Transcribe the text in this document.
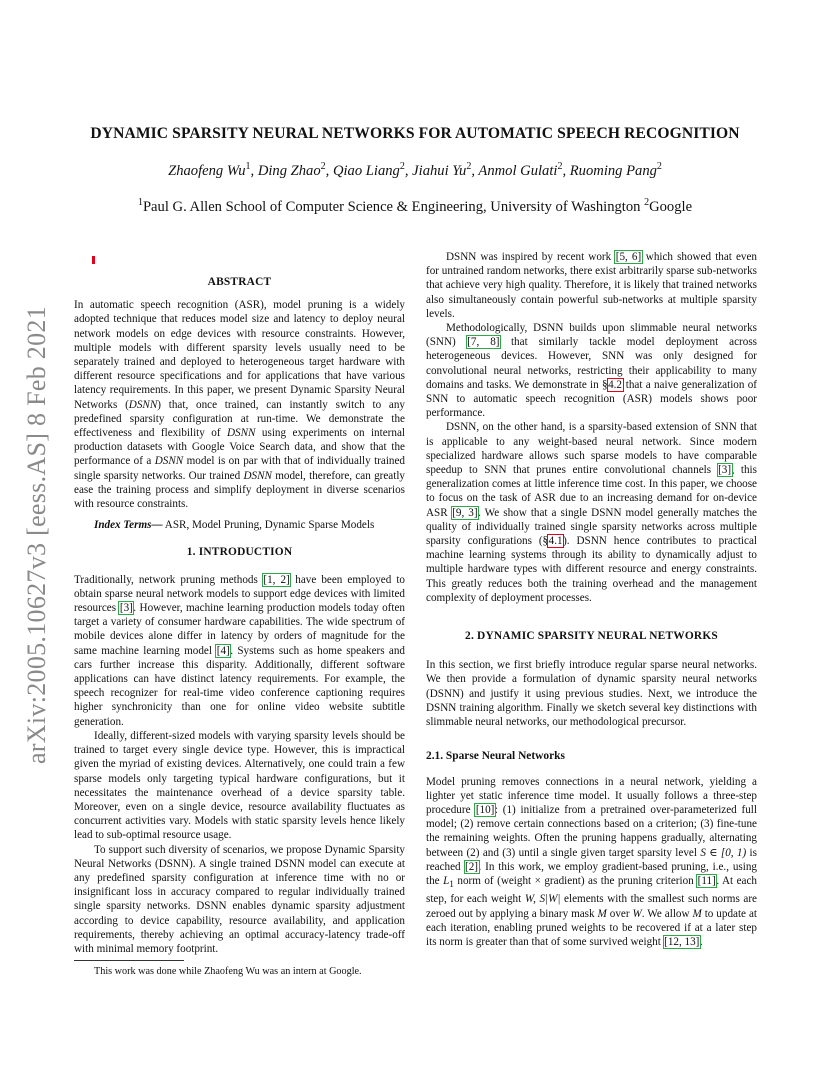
arXiv:2005.10627v3 [eess.AS] 8 Feb 2021
DYNAMIC SPARSITY NEURAL NETWORKS FOR AUTOMATIC SPEECH RECOGNITION
Zhaofeng Wu$^1$, Ding Zhao$^2$, Qiao Liang$^2$, Jiahui Yu$^2$, Anmol Gulati$^2$, Ruoming Pang$^2$
$^1$Paul G. Allen School of Computer Science & Engineering, University of Washington $^2$Google
ABSTRACT

In automatic speech recognition (ASR), model pruning is a widely adopted technique that reduces model size and latency to deploy neural network models on edge devices with resource constraints. However, multiple models with different sparsity levels usually need to be separately trained and deployed to heterogeneous target hardware with different resource specifications and for applications that have various latency requirements. In this paper, we present Dynamic Sparsity Neural Networks (DSNN) that, once trained, can instantly switch to any predefined sparsity configuration at run-time. We demonstrate the effectiveness and flexibility of DSNN using experiments on internal production datasets with Google Voice Search data, and show that the performance of a DSNN model is on par with that of individually trained single sparsity networks. Our trained DSNN model, therefore, can greatly ease the training process and simplify deployment in diverse scenarios with resource constraints.

Index Terms— ASR, Model Pruning, Dynamic Sparse Models

1. INTRODUCTION

Traditionally, network pruning methods [1, 2] have been employed to obtain sparse neural network models to support edge devices with limited resources [3]. However, machine learning production models today often target a variety of consumer hardware capabilities. The wide spectrum of mobile devices alone differ in latency by orders of magnitude for the same machine learning model [4]. Systems such as home speakers and cars further increase this disparity. Additionally, different software applications can have distinct latency requirements. For example, the speech recognizer for real-time video conference captioning requires higher synchronicity than one for online video website subtitle generation.

Ideally, different-sized models with varying sparsity levels should be trained to target every single device type. However, this is impractical given the myriad of existing devices. Alternatively, one could train a few sparse models only targeting typical hardware configurations, but it necessitates the maintenance overhead of a device sparsity table. Moreover, even on a single device, resource availability fluctuates as concurrent activities vary. Models with static sparsity levels hence likely lead to sub-optimal resource usage.

To support such diversity of scenarios, we propose Dynamic Sparsity Neural Networks (DSNN). A single trained DSNN model can execute at any predefined sparsity configuration at inference time with no or insignificant loss in accuracy compared to regular individually trained single sparsity networks. DSNN enables dynamic sparsity adjustment according to device capability, resource availability, and application requirements, thereby achieving an optimal accuracy-latency trade-off with minimal memory footprint.

This work was done while Zhaofeng Wu was an intern at Google.

DSNN was inspired by recent work [5, 6] which showed that even for untrained random networks, there exist arbitrarily sparse sub-networks that achieve very high quality. Therefore, it is likely that trained networks also simultaneously contain powerful sub-networks at multiple sparsity levels.

Methodologically, DSNN builds upon slimmable neural networks (SNN) [7, 8] that similarly tackle model deployment across heterogeneous devices. However, SNN was only designed for convolutional neural networks, restricting their applicability to many domains and tasks. We demonstrate in §4.2 that a naive generalization of SNN to automatic speech recognition (ASR) models shows poor performance.

DSNN, on the other hand, is a sparsity-based extension of SNN that is applicable to any weight-based neural network. Since modern specialized hardware allows such sparse models to have comparable speedup to SNN that prunes entire convolutional channels [3], this generalization comes at little inference time cost. In this paper, we choose to focus on the task of ASR due to an increasing demand for on-device ASR [9, 3]. We show that a single DSNN model generally matches the quality of individually trained single sparsity networks across multiple sparsity configurations (§4.1). DSNN hence contributes to practical machine learning systems through its ability to dynamically adjust to multiple hardware types with different resource and energy constraints. This greatly reduces both the training overhead and the management complexity of deployment processes.

2. DYNAMIC SPARSITY NEURAL NETWORKS

In this section, we first briefly introduce regular sparse neural networks. We then provide a formulation of dynamic sparsity neural networks (DSNN) and justify it using previous studies. Next, we introduce the DSNN training algorithm. Finally we sketch several key distinctions with slimmable neural networks, our methodological precursor.

2.1. Sparse Neural Networks

Model pruning removes connections in a neural network, yielding a lighter yet static inference time model. It usually follows a three-step procedure [10]: (1) initialize from a pretrained over-parameterized full model; (2) remove certain connections based on a criterion; (3) fine-tune the remaining weights. Often the pruning happens gradually, alternating between (2) and (3) until a single given target sparsity level S ∈ [0, 1) is reached [2]. In this work, we employ gradient-based pruning, i.e., using the $L_1$ norm of (weight × gradient) as the pruning criterion [11]. At each step, for each weight W, S|W| elements with the smallest such norms are zeroed out by applying a binary mask M over W. We allow M to update at each iteration, enabling pruned weights to be recovered if at a later step its norm is greater than that of some survived weight [12, 13].
